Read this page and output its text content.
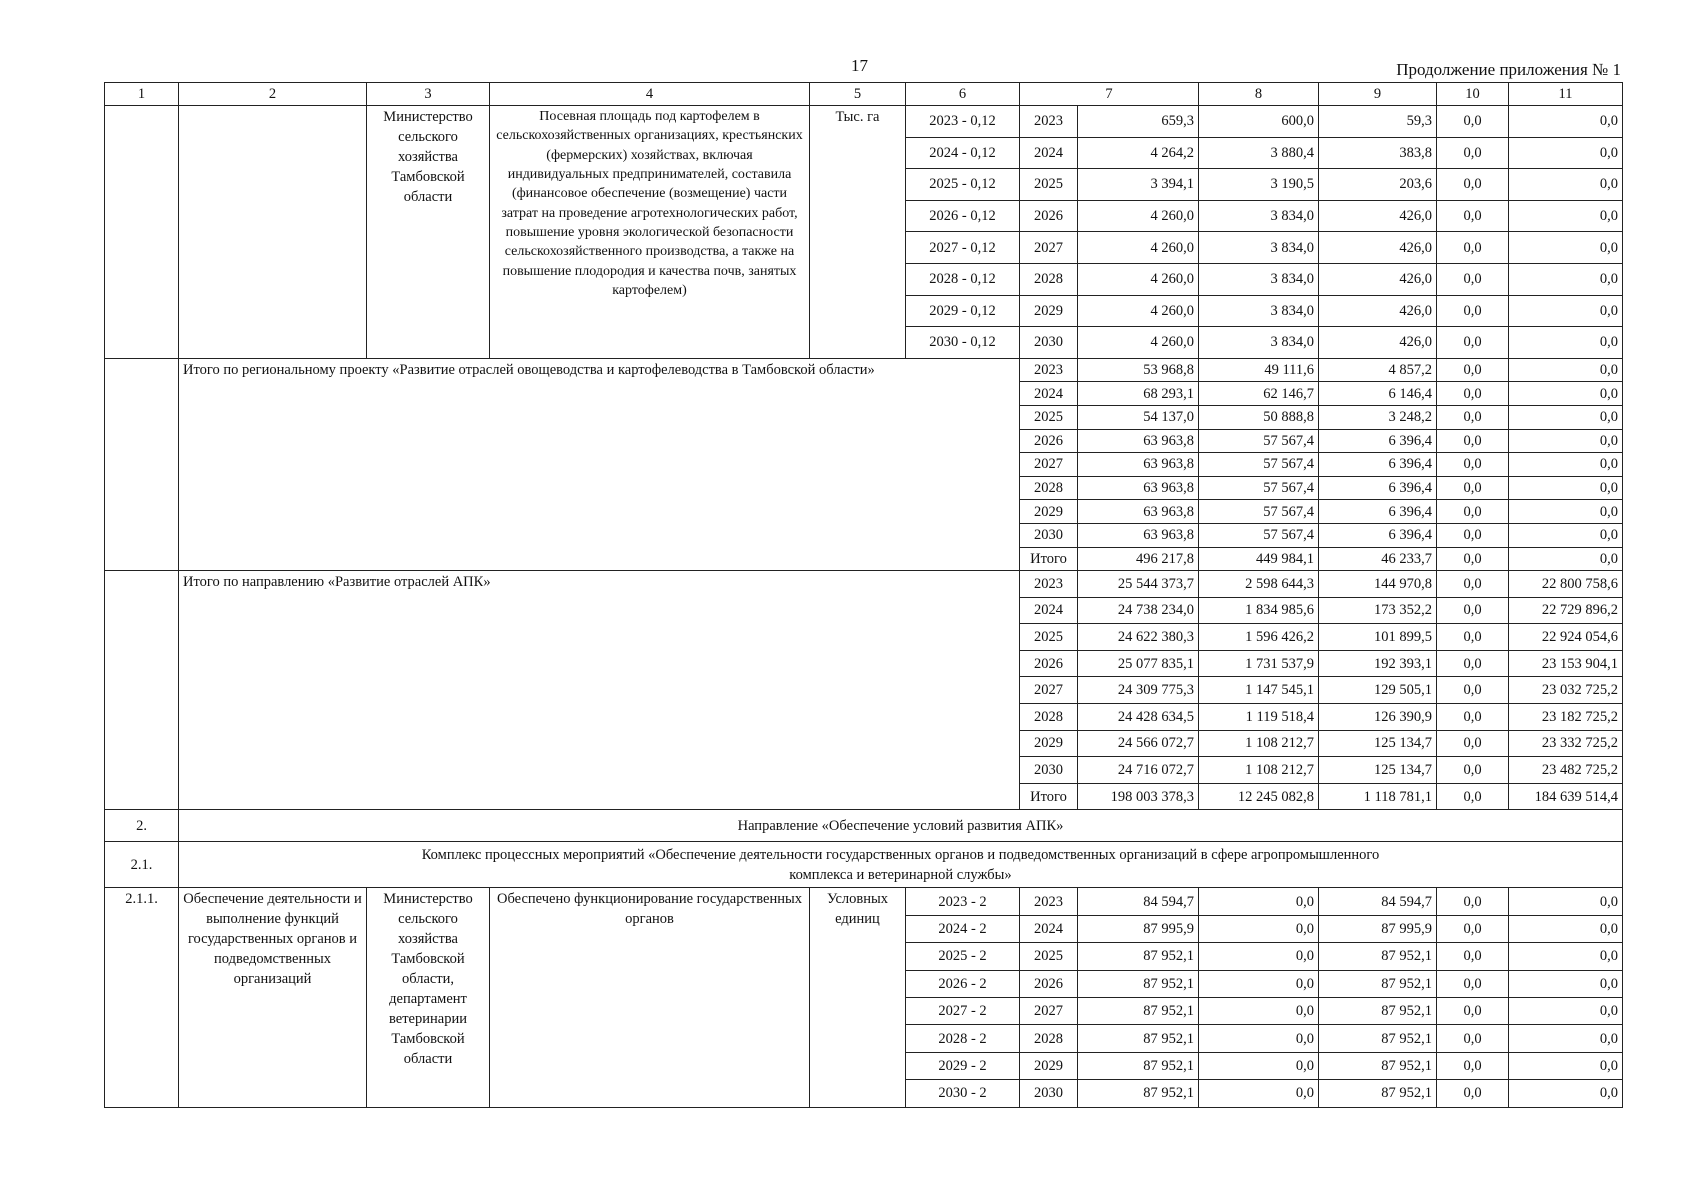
17	Продолжение приложения № 1
1	2	3	4	5	6	7		8	9	10	11
		Министерство сельского хозяйства Тамбовской области	Посевная площадь под картофелем в сельскохозяйственных организациях, крестьянских (фермерских) хозяйствах, включая индивидуальных предпринимателей, составила (финансовое обеспечение (возмещение) части затрат на проведение агротехнологических работ, повышение уровня экологической безопасности сельскохозяйственного производства, а также на повышение плодородия и качества почв, занятых картофелем)	Тыс. га	2023 - 0,12	2023	659,3	600,0	59,3	0,0	0,0
					2024 - 0,12	2024	4 264,2	3 880,4	383,8	0,0	0,0
					2025 - 0,12	2025	3 394,1	3 190,5	203,6	0,0	0,0
					2026 - 0,12	2026	4 260,0	3 834,0	426,0	0,0	0,0
					2027 - 0,12	2027	4 260,0	3 834,0	426,0	0,0	0,0
					2028 - 0,12	2028	4 260,0	3 834,0	426,0	0,0	0,0
					2029 - 0,12	2029	4 260,0	3 834,0	426,0	0,0	0,0
					2030 - 0,12	2030	4 260,0	3 834,0	426,0	0,0	0,0
	Итого по региональному проекту «Развитие отраслей овощеводства и картофелеводства в Тамбовской области»					2023	53 968,8	49 111,6	4 857,2	0,0	0,0
						2024	68 293,1	62 146,7	6 146,4	0,0	0,0
						2025	54 137,0	50 888,8	3 248,2	0,0	0,0
						2026	63 963,8	57 567,4	6 396,4	0,0	0,0
						2027	63 963,8	57 567,4	6 396,4	0,0	0,0
						2028	63 963,8	57 567,4	6 396,4	0,0	0,0
						2029	63 963,8	57 567,4	6 396,4	0,0	0,0
						2030	63 963,8	57 567,4	6 396,4	0,0	0,0
						Итого	496 217,8	449 984,1	46 233,7	0,0	0,0
	Итого по направлению «Развитие отраслей АПК»					2023	25 544 373,7	2 598 644,3	144 970,8	0,0	22 800 758,6
						2024	24 738 234,0	1 834 985,6	173 352,2	0,0	22 729 896,2
						2025	24 622 380,3	1 596 426,2	101 899,5	0,0	22 924 054,6
						2026	25 077 835,1	1 731 537,9	192 393,1	0,0	23 153 904,1
						2027	24 309 775,3	1 147 545,1	129 505,1	0,0	23 032 725,2
						2028	24 428 634,5	1 119 518,4	126 390,9	0,0	23 182 725,2
						2029	24 566 072,7	1 108 212,7	125 134,7	0,0	23 332 725,2
						2030	24 716 072,7	1 108 212,7	125 134,7	0,0	23 482 725,2
						Итого	198 003 378,3	12 245 082,8	1 118 781,1	0,0	184 639 514,4
2.	Направление «Обеспечение условий развития АПК»										
2.1.	Комплекс процессных мероприятий «Обеспечение деятельности государственных органов и подведомственных организаций в сфере агропромышленного комплекса и ветеринарной службы»										

2.1.1.	Обеспечение деятельности и выполнение функций государственных органов и подведомственных организаций	Министерство сельского хозяйства Тамбовской области, департамент ветеринарии Тамбовской области	Обеспечено функционирование государственных органов	Условных единиц	2023 - 2	2023	84 594,7	0,0	84 594,7	0,0	0,0
					2024 - 2	2024	87 995,9	0,0	87 995,9	0,0	0,0
					2025 - 2	2025	87 952,1	0,0	87 952,1	0,0	0,0
					2026 - 2	2026	87 952,1	0,0	87 952,1	0,0	0,0
					2027 - 2	2027	87 952,1	0,0	87 952,1	0,0	0,0
					2028 - 2	2028	87 952,1	0,0	87 952,1	0,0	0,0
					2029 - 2	2029	87 952,1	0,0	87 952,1	0,0	0,0
					2030 - 2	2030	87 952,1	0,0	87 952,1	0,0	0,0
